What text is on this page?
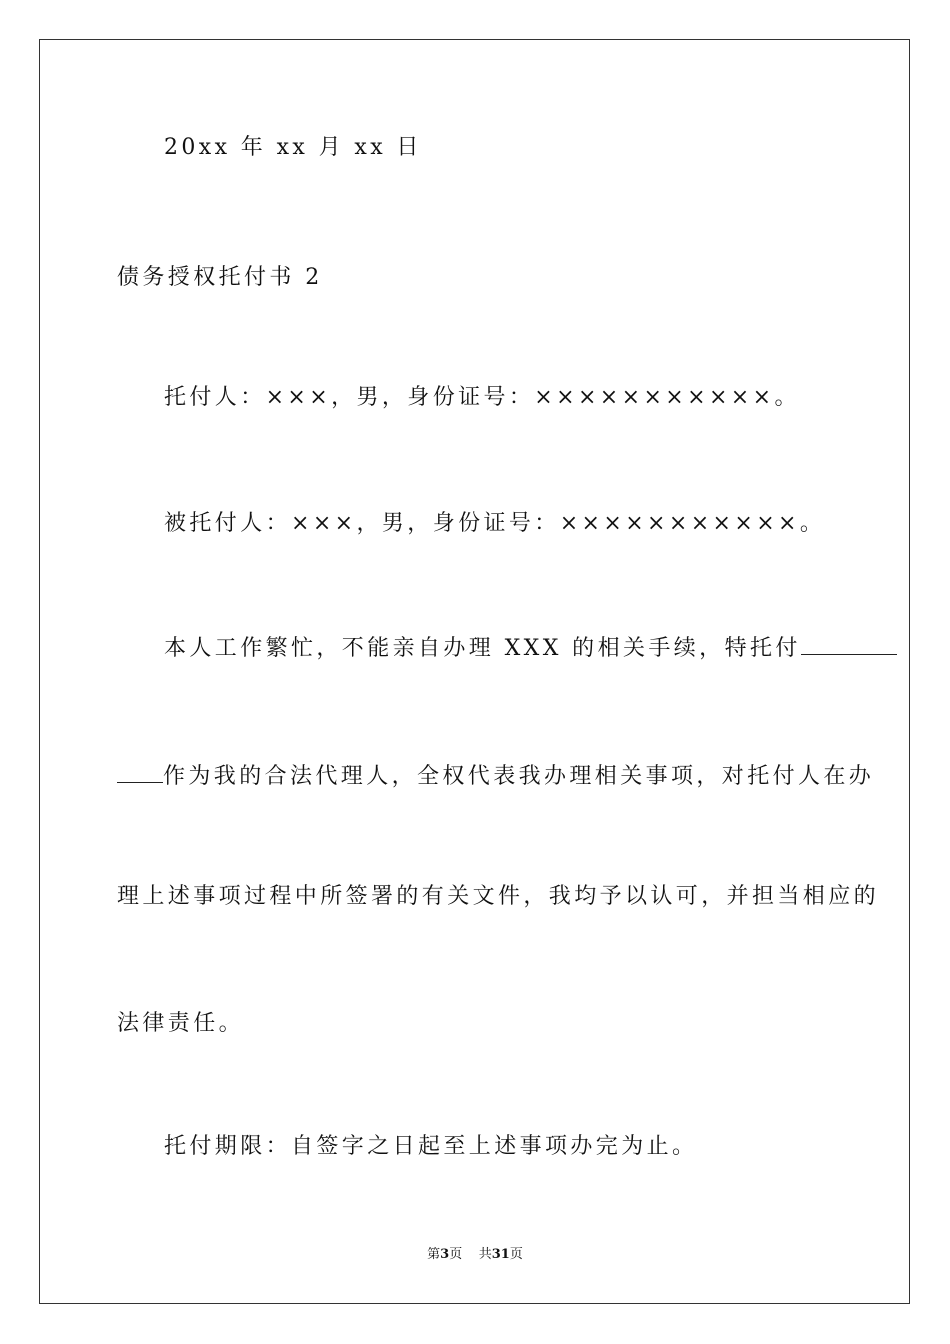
20xx 年 xx 月 xx 日
债务授权托付书 2
托付人：×××，男，身份证号：×××××××××××。
被托付人：×××，男，身份证号：×××××××××××。
本人工作繁忙，不能亲自办理 XXX 的相关手续，特托付
作为我的合法代理人，全权代表我办理相关事项，对托付人在办
理上述事项过程中所签署的有关文件，我均予以认可，并担当相应的
法律责任。
托付期限：自签字之日起至上述事项办完为止。
第3页 共31页
